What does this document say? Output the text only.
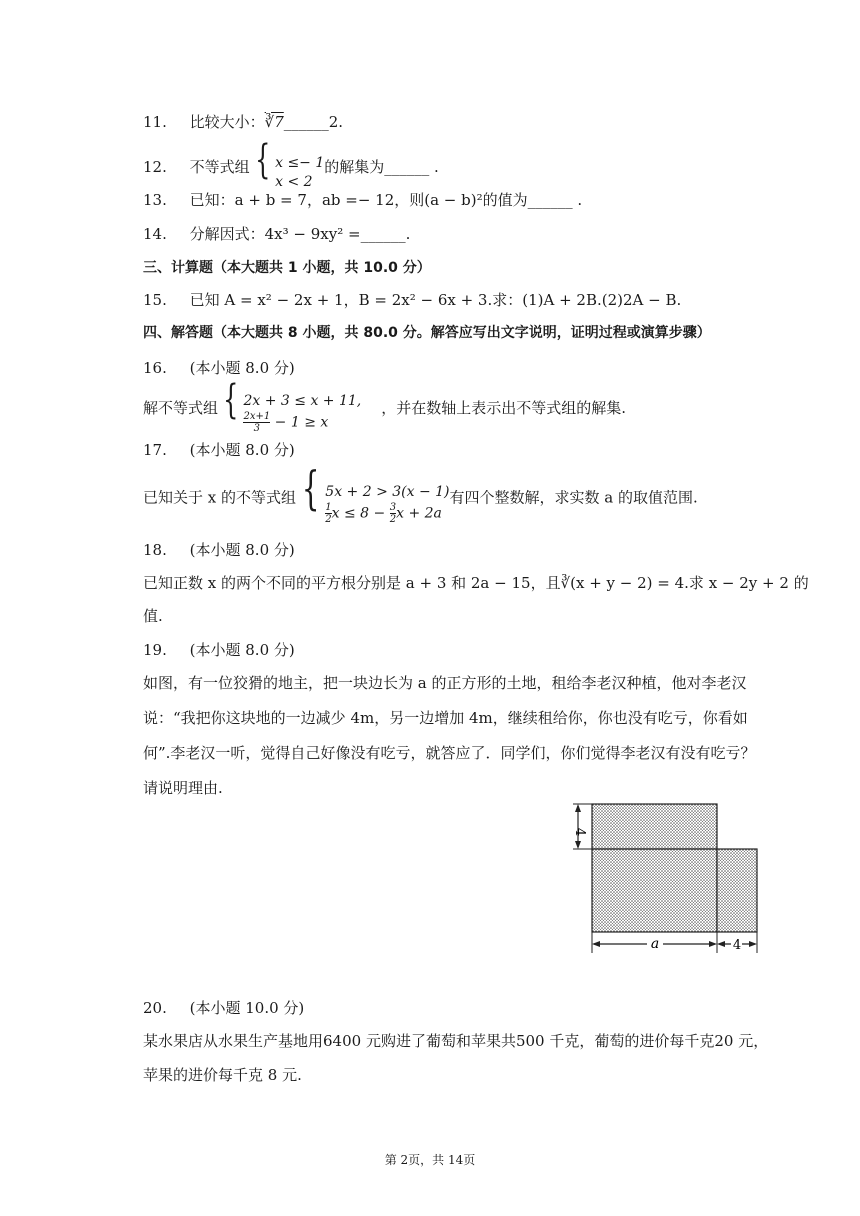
11. 比较大小：∛7______2.
12. 不等式组 { x ≤− 1
x < 2的解集为______ .
13. 已知：a + b = 7，ab =− 12，则(a − b)²的值为______ .
14. 分解因式：4x³ − 9xy² =______.
三、计算题（本大题共 1 小题，共 10.0 分）
15. 已知 A = x² − 2x + 1，B = 2x² − 6x + 3.求：(1)A + 2B.(2)2A − B.
四、解答题（本大题共 8 小题，共 80.0 分。解答应写出文字说明，证明过程或演算步骤）
16. (本小题 8.0 分)
解不等式组 { 2x + 3 ≤ x + 11,

$\frac{2x+1}{3} - 1 \ge x$，并在数轴上表示出不等式组的解集.
17. (本小题 8.0 分)
已知关于 x 的不等式组 { 5x + 2 > 3(x − 1)

$\frac{1}{2}$ $x \le 8 - \frac{3}{2}$ x + 2a有四个整数解，求实数 a 的取值范围.
18. (本小题 8.0 分)
已知正数 x 的两个不同的平方根分别是 a + 3 和 2a − 15，且∛(x + y − 2) = 4.求 x − 2y + 2 的
值.
19. (本小题 8.0 分)
如图，有一位狡猾的地主，把一块边长为 a 的正方形的土地，租给李老汉种植，他对李老汉
说：“我把你这块地的一边减少 4m，另一边增加 4m，继续租给你，你也没有吃亏，你看如
何”.李老汉一听，觉得自己好像没有吃亏，就答应了．同学们，你们觉得李老汉有没有吃亏？
请说明理由.
4
a	4
20. (本小题 10.0 分)
某水果店从水果生产基地用6400 元购进了葡萄和苹果共500 千克，葡萄的进价每千克20 元，
苹果的进价每千克 8 元.
第 2页，共 14页
